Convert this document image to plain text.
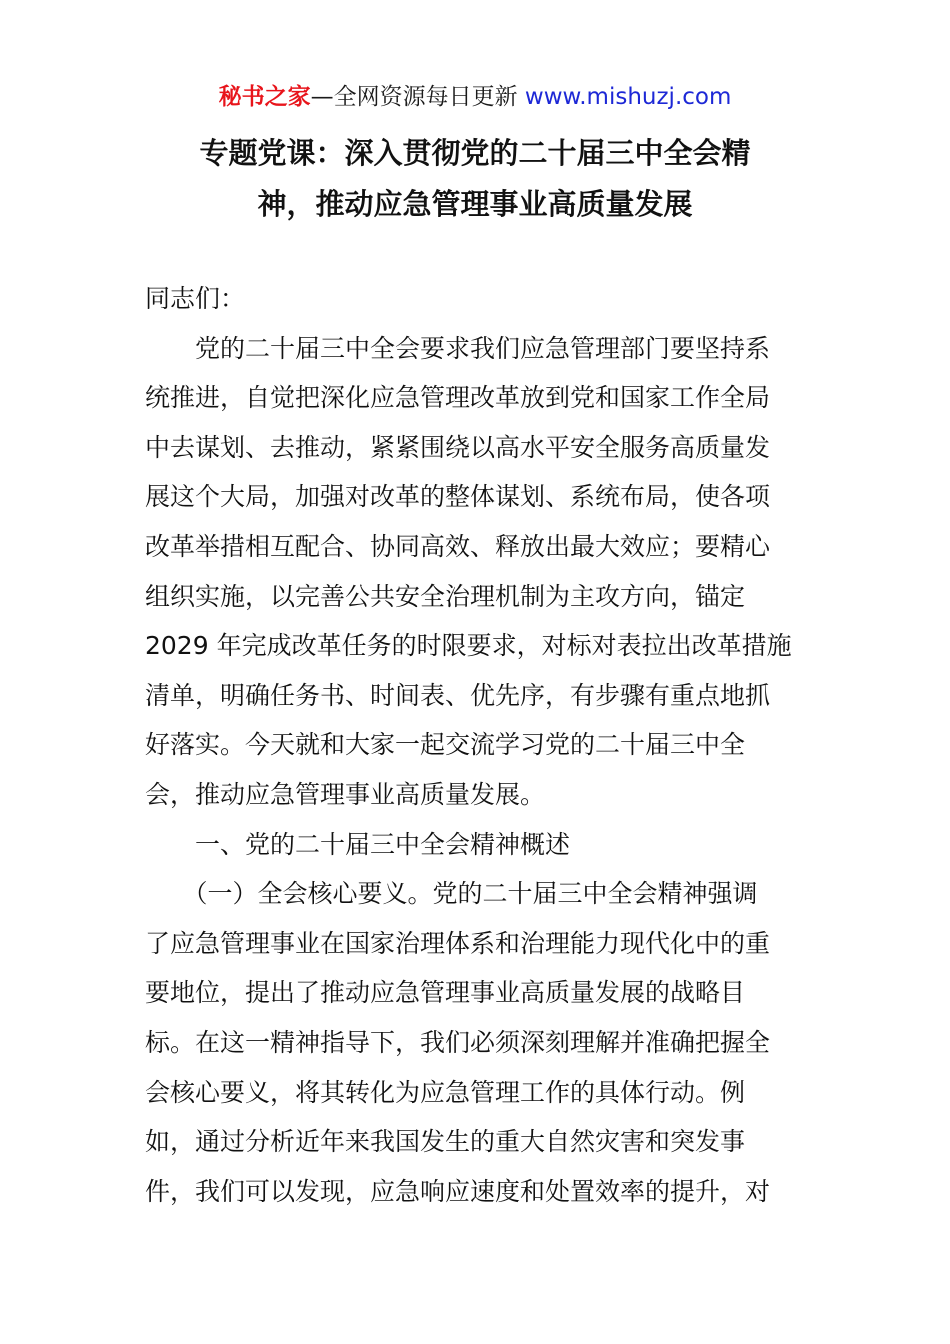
秘书之家—全网资源每日更新 www.mishuzj.com
专题党课：深入贯彻党的二十届三中全会精
神，推动应急管理事业高质量发展
同志们：
　　党的二十届三中全会要求我们应急管理部门要坚持系
统推进，自觉把深化应急管理改革放到党和国家工作全局
中去谋划、去推动，紧紧围绕以高水平安全服务高质量发
展这个大局，加强对改革的整体谋划、系统布局，使各项
改革举措相互配合、协同高效、释放出最大效应；要精心
组织实施，以完善公共安全治理机制为主攻方向，锚定
2029 年完成改革任务的时限要求，对标对表拉出改革措施
清单，明确任务书、时间表、优先序，有步骤有重点地抓
好落实。今天就和大家一起交流学习党的二十届三中全
会，推动应急管理事业高质量发展。
　　一、党的二十届三中全会精神概述
　　（一）全会核心要义。党的二十届三中全会精神强调
了应急管理事业在国家治理体系和治理能力现代化中的重
要地位，提出了推动应急管理事业高质量发展的战略目
标。在这一精神指导下，我们必须深刻理解并准确把握全
会核心要义，将其转化为应急管理工作的具体行动。例
如，通过分析近年来我国发生的重大自然灾害和突发事
件，我们可以发现，应急响应速度和处置效率的提升，对
